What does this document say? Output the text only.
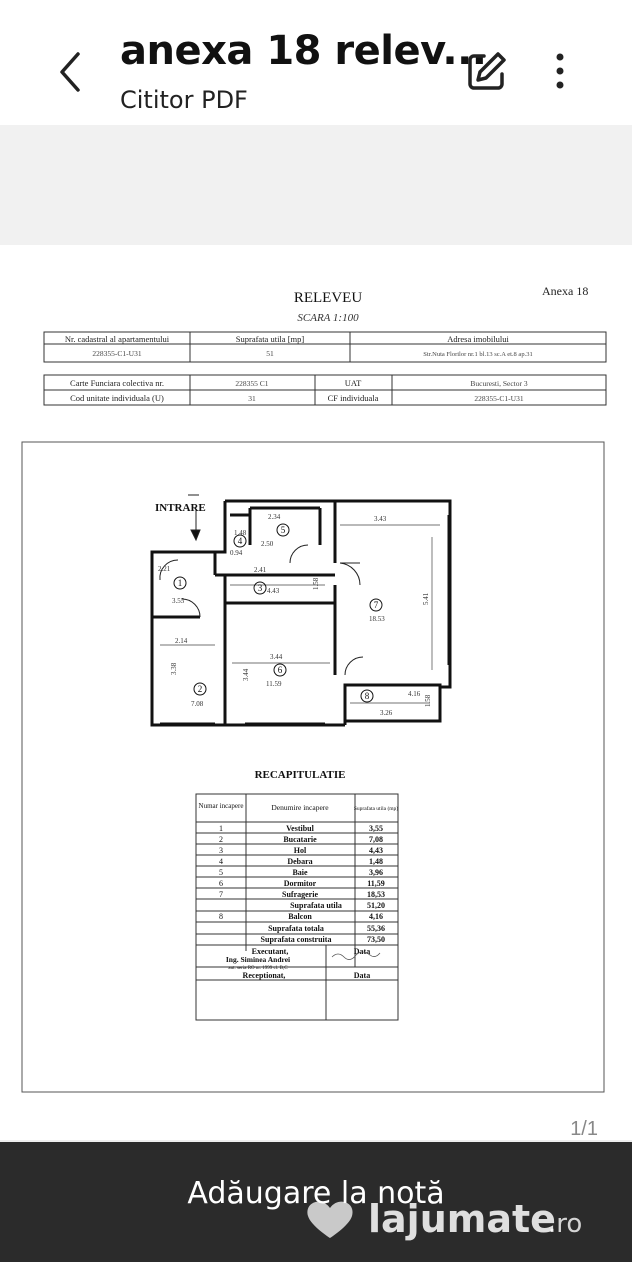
anexa 18 relev...
Cititor PDF
Anexa 18
RELEVEU
SCARA 1:100
Nr. cadastral al apartamentului	Suprafata utila [mp]	Adresa imobilului
228355-C1-U31	51	Str.Nuta Florilor nr.1 bl.13 sc.A et.8 ap.31
Carte Funciara colectiva nr.	228355 C1	UAT	Bucuresti, Sector 3
Cod unitate individuala (U)	31	CF individuala	228355-C1-U31
INTRARE
1
2
3
4
5
6
7
8
2.21
1.48
0.94
2.34
2.50
3.43
2.41
3.55
4.43
2.14
3.38
7.08
3.44
3.44
11.59
5.41
18.53
4.16
3.26
1.58
1.58
RECAPITULATIE
Numar incapere	Denumire incapere	Suprafata utila (mp)
1	Vestibul	3,55
2	Bucatarie	7,08
3	Hol	4,43
4	Debara	1,48
5	Baie	3,96
6	Dormitor	11,59
7	Sufragerie	18,53
Suprafata utila	51,20
8	Balcon	4,16
Suprafata totala	55,36
Suprafata construita	73,50
Executant,	Data
Ing. Siminea Andrei
aut. seria RO nr. 1999 cl. B,C
Receptionat,	Data
1/1
Adăugare la notă
lajumate
.ro
